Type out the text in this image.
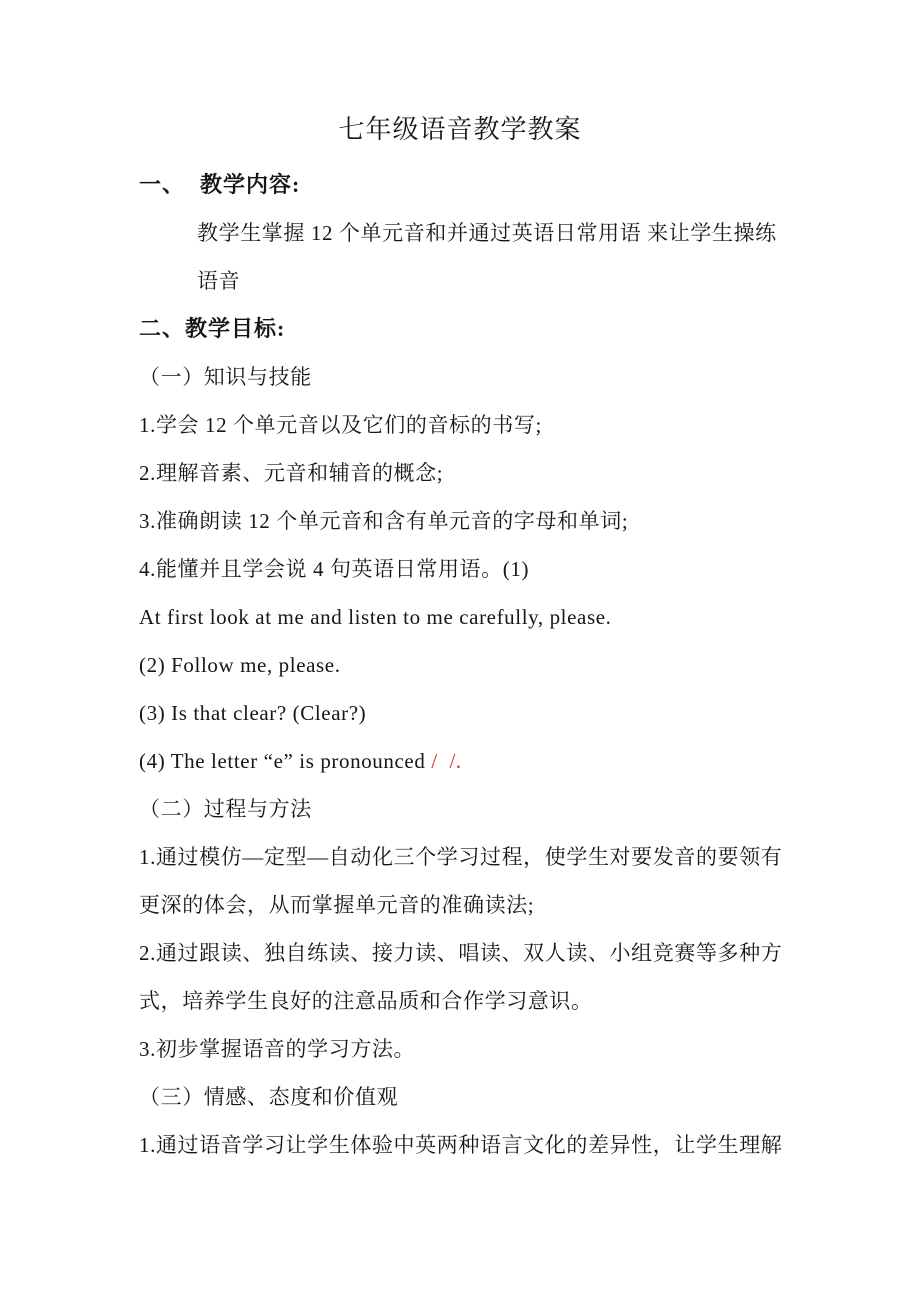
七年级语音教学教案
一、 教学内容:
教学生掌握 12 个单元音和并通过英语日常用语 来让学生操练
语音
二、教学目标:
（一）知识与技能
1.学会 12 个单元音以及它们的音标的书写;
2.理解音素、元音和辅音的概念;
3.准确朗读 12 个单元音和含有单元音的字母和单词;
4.能懂并且学会说 4 句英语日常用语。(1)
At first look at me and listen to me carefully, please.
(2) Follow me, please.
(3) Is that clear? (Clear?)
(4) The letter “e” is pronounced /  /.
（二）过程与方法
1.通过模仿—定型—自动化三个学习过程，使学生对要发音的要领有
更深的体会，从而掌握单元音的准确读法;
2.通过跟读、独自练读、接力读、唱读、双人读、小组竞赛等多种方
式，培养学生良好的注意品质和合作学习意识。
3.初步掌握语音的学习方法。
（三）情感、态度和价值观
1.通过语音学习让学生体验中英两种语言文化的差异性，让学生理解
